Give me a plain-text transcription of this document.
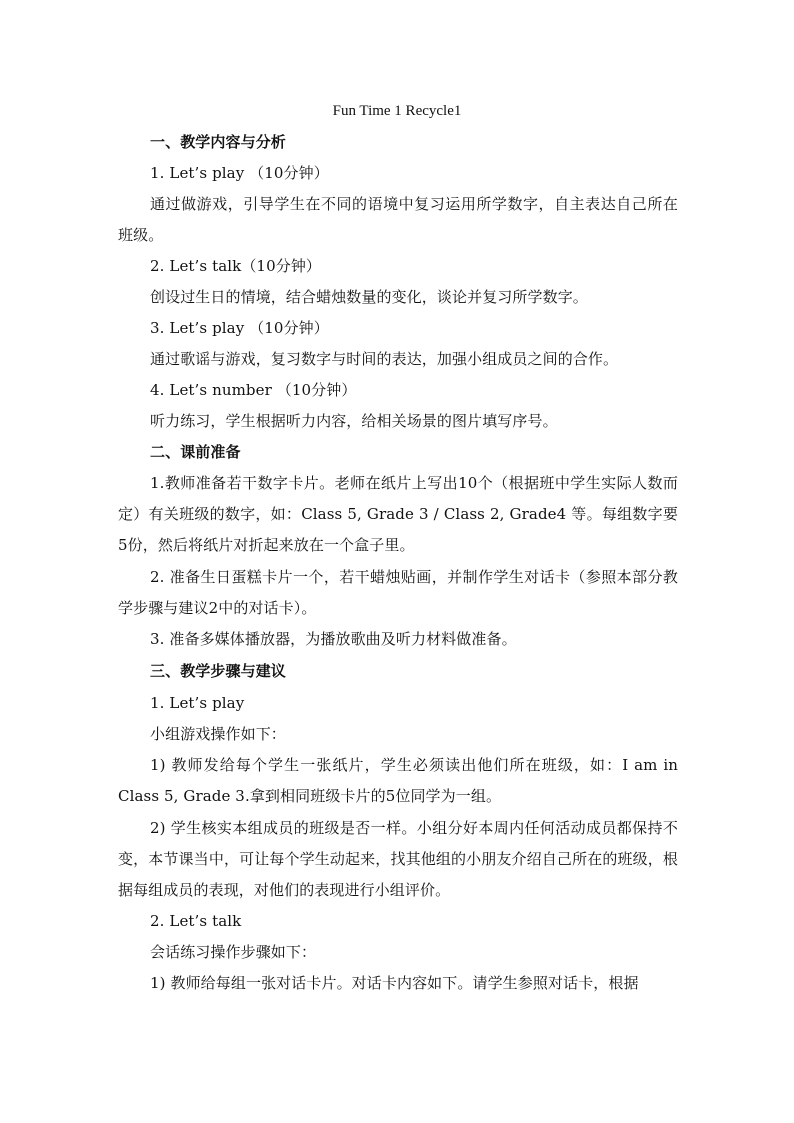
Fun Time 1 Recycle1

一、教学内容与分析

1. Let’s play （10分钟）

通过做游戏，引导学生在不同的语境中复习运用所学数字，自主表达自己所在班级。

2. Let’s talk（10分钟）

创设过生日的情境，结合蜡烛数量的变化，谈论并复习所学数字。

3. Let’s play （10分钟）

通过歌谣与游戏，复习数字与时间的表达，加强小组成员之间的合作。

4. Let’s number （10分钟）

听力练习，学生根据听力内容，给相关场景的图片填写序号。

二、课前准备

1.教师准备若干数字卡片。老师在纸片上写出10个（根据班中学生实际人数而定）有关班级的数字，如：Class 5, Grade 3 / Class 2, Grade4 等。每组数字要5份，然后将纸片对折起来放在一个盒子里。

2. 准备生日蛋糕卡片一个，若干蜡烛贴画，并制作学生对话卡（参照本部分教学步骤与建议2中的对话卡）。

3. 准备多媒体播放器，为播放歌曲及听力材料做准备。

三、教学步骤与建议

1. Let’s play

小组游戏操作如下：

1) 教师发给每个学生一张纸片，学生必须读出他们所在班级，如：I am in Class 5, Grade 3.拿到相同班级卡片的5位同学为一组。

2) 学生核实本组成员的班级是否一样。小组分好本周内任何活动成员都保持不变，本节课当中，可让每个学生动起来，找其他组的小朋友介绍自己所在的班级，根据每组成员的表现，对他们的表现进行小组评价。

2. Let’s talk

会话练习操作步骤如下：

1) 教师给每组一张对话卡片。对话卡内容如下。请学生参照对话卡，根据
